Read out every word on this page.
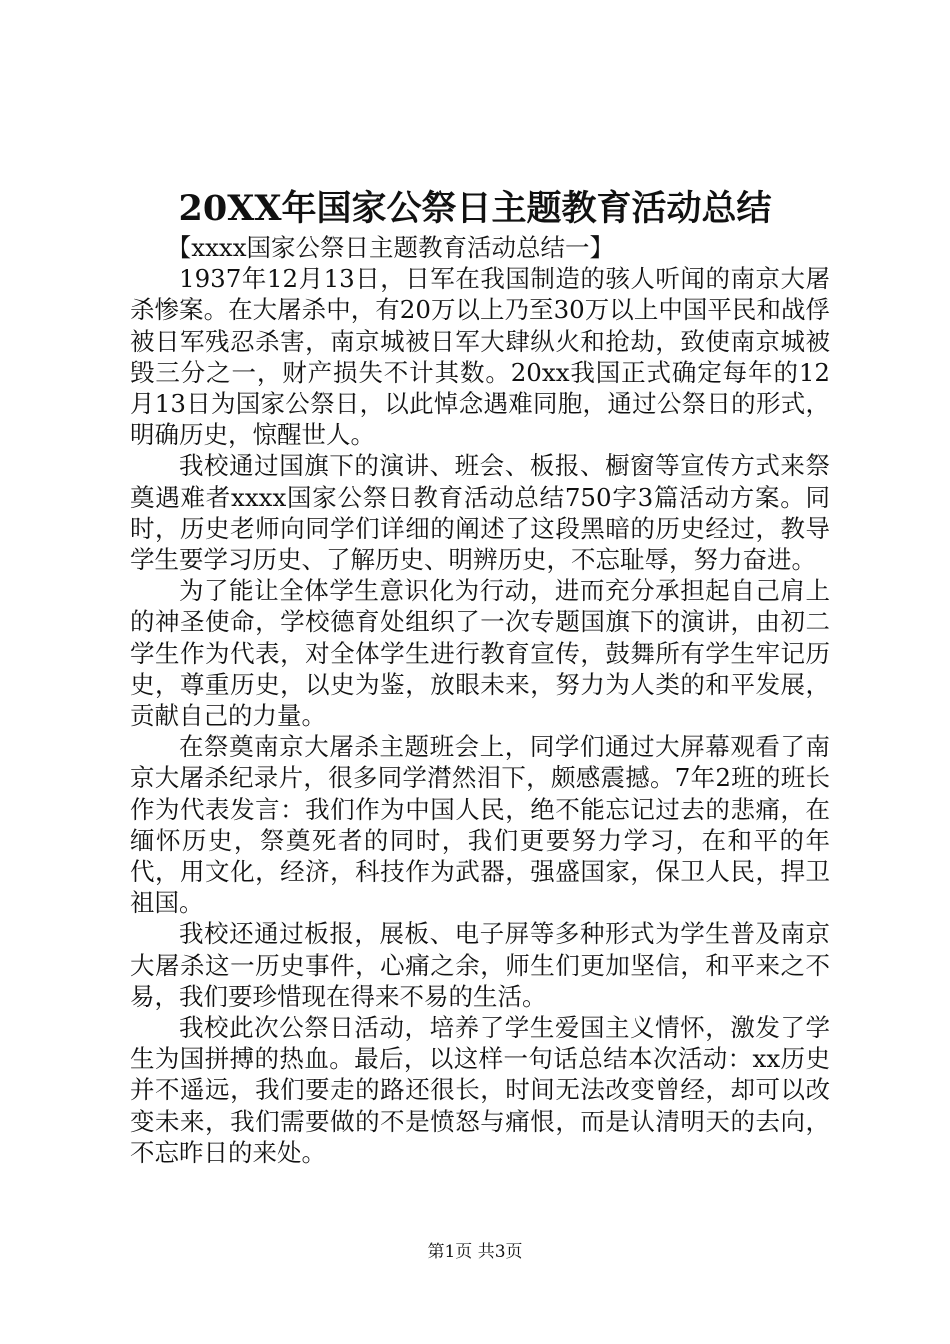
20XX年国家公祭日主题教育活动总结

【xxxx国家公祭日主题教育活动总结一】

1937年12月13日，日军在我国制造的骇人听闻的南京大屠杀惨案。在大屠杀中，有20万以上乃至30万以上中国平民和战俘被日军残忍杀害，南京城被日军大肆纵火和抢劫，致使南京城被毁三分之一，财产损失不计其数。20xx我国正式确定每年的12月13日为国家公祭日，以此悼念遇难同胞，通过公祭日的形式，明确历史，惊醒世人。

我校通过国旗下的演讲、班会、板报、橱窗等宣传方式来祭奠遇难者xxxx国家公祭日教育活动总结750字3篇活动方案。同时，历史老师向同学们详细的阐述了这段黑暗的历史经过，教导学生要学习历史、了解历史、明辨历史，不忘耻辱，努力奋进。

为了能让全体学生意识化为行动，进而充分承担起自己肩上的神圣使命，学校德育处组织了一次专题国旗下的演讲，由初二学生作为代表，对全体学生进行教育宣传，鼓舞所有学生牢记历史，尊重历史，以史为鉴，放眼未来，努力为人类的和平发展，贡献自己的力量。

在祭奠南京大屠杀主题班会上，同学们通过大屏幕观看了南京大屠杀纪录片，很多同学潸然泪下，颇感震撼。7年2班的班长作为代表发言：我们作为中国人民，绝不能忘记过去的悲痛，在缅怀历史，祭奠死者的同时，我们更要努力学习，在和平的年代，用文化，经济，科技作为武器，强盛国家，保卫人民，捍卫祖国。

我校还通过板报，展板、电子屏等多种形式为学生普及南京大屠杀这一历史事件，心痛之余，师生们更加坚信，和平来之不易，我们要珍惜现在得来不易的生活。

我校此次公祭日活动，培养了学生爱国主义情怀，激发了学生为国拼搏的热血。最后，以这样一句话总结本次活动：xx历史并不遥远，我们要走的路还很长，时间无法改变曾经，却可以改变未来，我们需要做的不是愤怒与痛恨，而是认清明天的去向，不忘昨日的来处。

第1页 共3页
